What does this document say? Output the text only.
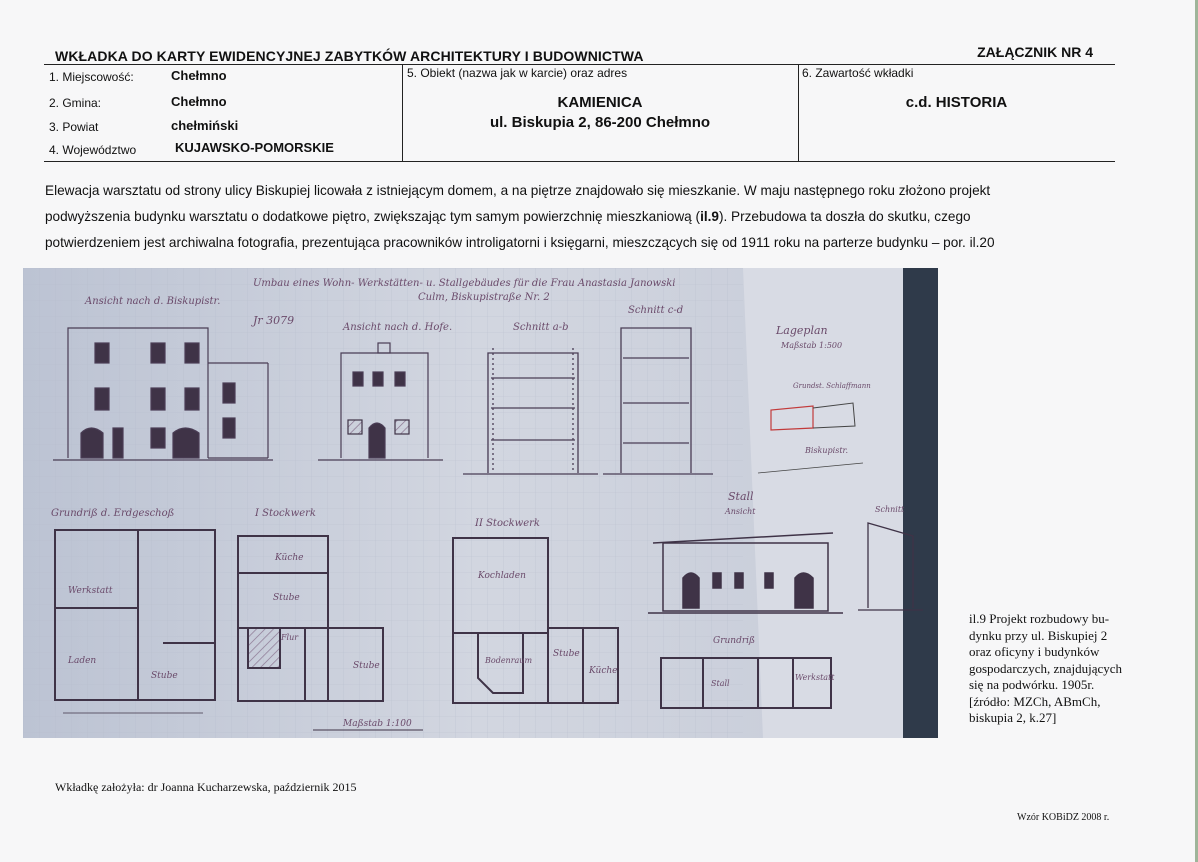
WKŁADKA DO KARTY EWIDENCYJNEJ ZABYTKÓW ARCHITEKTURY I BUDOWNICTWA	ZAŁĄCZNIK NR 4
1. Miejscowość:	Chełmno
2. Gmina:	Chełmno
3. Powiat	chełmiński
4. Województwo	KUJAWSKO-POMORSKIE
5. Obiekt (nazwa jak w karcie) oraz adres
KAMIENICA
ul. Biskupia 2, 86-200 Chełmno
6. Zawartość wkładki
c.d. HISTORIA
Elewacja warsztatu od strony ulicy Biskupiej licowała z istniejącym domem, a na piętrze znajdowało się mieszkanie. W maju następnego roku złożono projekt
podwyższenia budynku warsztatu o dodatkowe piętro, zwiększając tym samym powierzchnię mieszkaniową (il.9). Przebudowa ta doszła do skutku, czego
potwierdzeniem jest archiwalna fotografia, prezentująca pracowników introligatorni i księgarni, mieszczących się od 1911 roku na parterze budynku – por. il.20
Umbau eines Wohn- Werkstätten- u. Stallgebäudes für die Frau Anastasia Janowski
Culm, Biskupistraße Nr. 2
Jr 3079
Ansicht nach d. Biskupistr.
Ansicht nach d. Hofe.	Schnitt a-b
Schnitt c-d
Lageplan
Maßstab 1:500
Grundst. Schlaffmann
Biskupistr.
Grundriß d. Erdgeschoß
Werkstatt
Laden
Stube
I Stockwerk
Küche
Stube
Flur
Stube
II Stockwerk
Kochladen
Bodenraum
Stube
Küche
Stall
Ansicht	Schnitt
Grundriß
Stall
Werkstatt
Maßstab 1:100
il.9 Projekt rozbudowy bu-
dynku przy ul. Biskupiej 2
oraz oficyny i budynków
gospodarczych, znajdujących
się na podwórku. 1905r.
[źródło: MZCh, ABmCh,
biskupia 2, k.27]
Wkładkę założyła: dr Joanna Kucharzewska, październik 2015
Wzór KOBiDZ 2008 r.
